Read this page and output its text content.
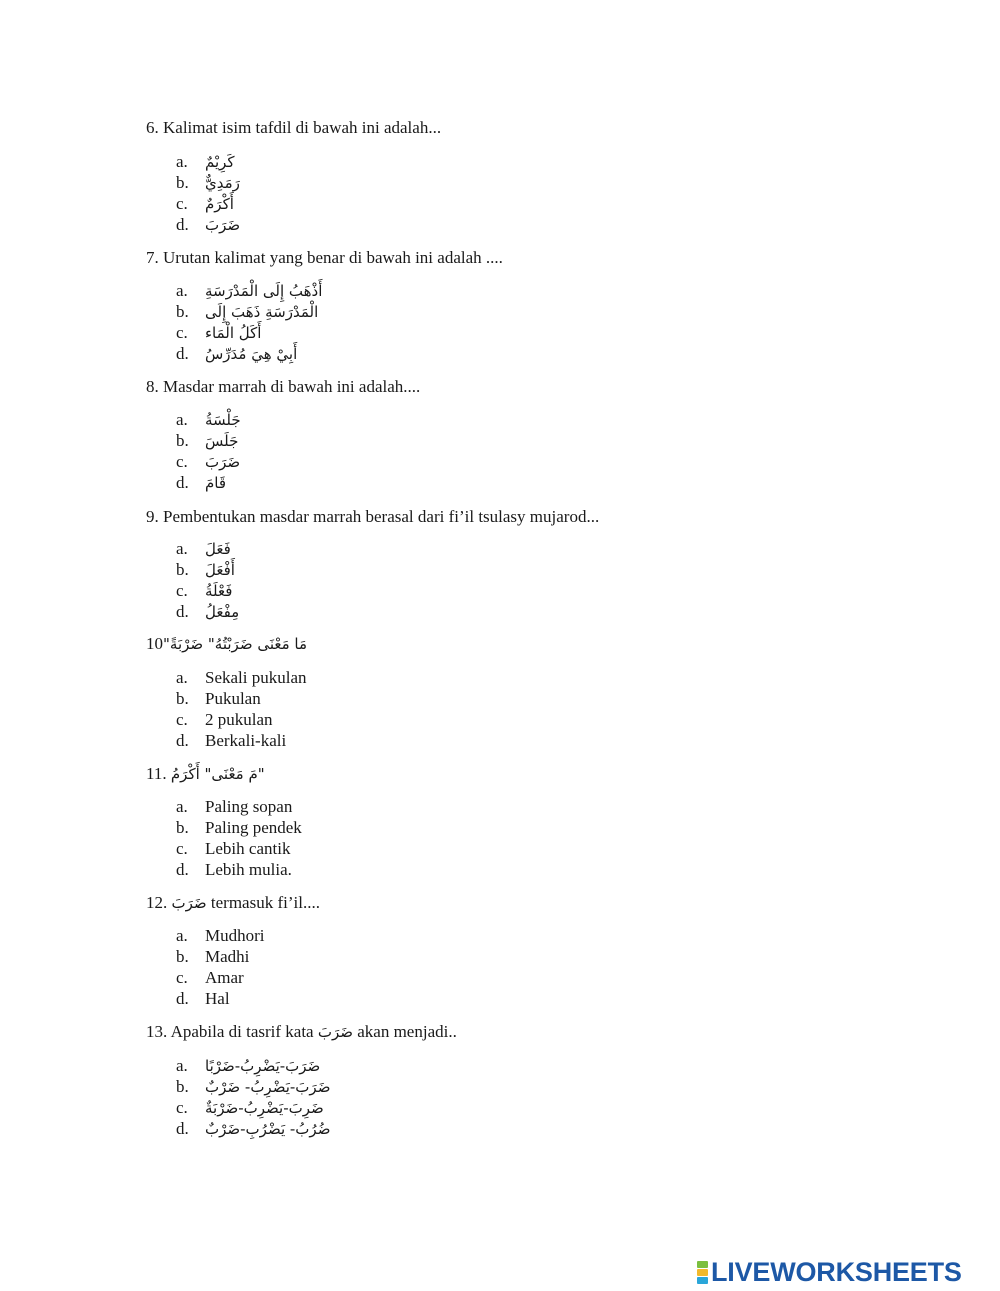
6. Kalimat isim tafdil di bawah ini adalah...
a.	كَرِيْمٌ
b.	رَمَدِيٌّ
c.	أَكْرَمٌ
d.	ضَرَبَ
7. Urutan kalimat yang benar di bawah ini adalah ....
a.	أَذْهَبُ إِلَى الْمَدْرَسَةِ
b.	الْمَدْرَسَةِ ذَهَبَ إِلَى
c.	أَكَلُ الْمَاء
d.	أَبِيْ هِيَ مُدَرِّسُ
8. Masdar marrah di bawah ini adalah....
a.	جَلْسَةُ
b.	جَلَسَ
c.	ضَرَبَ
d.	قَامَ
9. Pembentukan masdar marrah berasal dari fi’il tsulasy mujarod...
a.	فَعَلَ
b.	أَفْعَلَ
c.	فَعْلَةُ
d.	مِفْعَلُ
10مَا مَعْنَى ضَرَبْتُهُ" ضَرْبَةً"
a.	Sekali pukulan
b. Pukulan
c.	2 pukulan
d. Berkali-kali
11. "مَ مَعْنَى" أَكْرَمُ
a.	Paling sopan
b. Paling pendek
c.	Lebih cantik
d. Lebih mulia.
12. ضَرَبَ termasuk fi’il....
a.	Mudhori
b. Madhi
c.	Amar
d. Hal
13. Apabila di tasrif kata ضَرَبَ akan menjadi..
a.	ضَرَبَ-يَضْرِبُ-ضَرْبًا
b.	ضَرَبَ-يَضْرِبُ- ضَرْبٌ
c.	ضَرِبَ-يَضْرِبُ-ضَرْبَةٌ
d.	ضُرُبُ- يَضْرُبِ-ضَرْبٌ
LIVEWORKSHEETS
